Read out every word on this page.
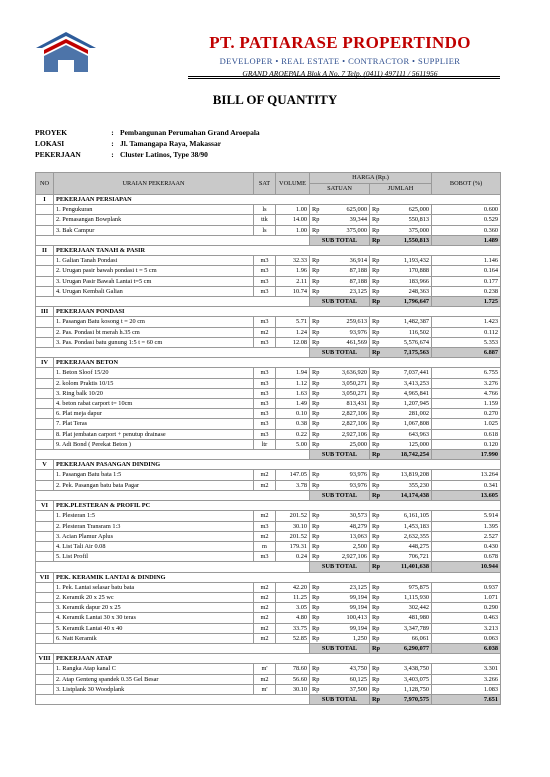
PT. PATIARASE PROPERTINDO
DEVELOPER • REAL ESTATE • CONTRACTOR • SUPPLIER
GRAND AROEPALA Blok A No. 7 Telp. (0411) 497111 / 5611956
BILL OF QUANTITY
PROYEK	: Pembangunan Perumahan Grand Aroepala
LOKASI	: Jl. Tamangapa Raya, Makassar
PEKERJAAN	: Cluster Latinos, Type 38/90
NO	URAIAN PEKERJAAN	SAT	VOLUME	HARGA (Rp.)				BOBOT (%)
				SATUAN		JUMLAH		
I	PEKERJAAN PERSIAPAN							
	1. Pengukuran	ls	1.00	Rp	625,000	Rp	625,000	0.600
	2. Pemasangan Bowplank	ttk	14.00	Rp	39,344	Rp	550,813	0.529
	3. Bak Campur	ls	1.00	Rp	375,000	Rp	375,000	0.360
				SUB TOTAL		Rp	1,550,813	1.489
II	PEKERJAAN TANAH & PASIR							
	1. Galian Tanah Pondasi	m3	32.33	Rp	36,914	Rp	1,193,432	1.146
	2. Urugan pasir bawah pondasi t = 5 cm	m3	1.96	Rp	87,188	Rp	170,888	0.164
	3. Urugan Pasir Bawah Lantai t=5 cm	m3	2.11	Rp	87,188	Rp	183,966	0.177
	4. Urugan Kembali Galian	m3	10.74	Rp	23,125	Rp	248,363	0.238
				SUB TOTAL		Rp	1,796,647	1.725
III	PEKERJAAN PONDASI							
	1. Pasangan Batu kosong t = 20 cm	m3	5.71	Rp	259,613	Rp	1,482,387	1.423
	2. Pas. Pondasi bt merah h.35 cm	m2	1.24	Rp	93,976	Rp	116,502	0.112
	3. Pas. Pondasi batu gunung 1:5 t = 60 cm	m3	12.08	Rp	461,569	Rp	5,576,674	5.353
				SUB TOTAL		Rp	7,175,563	6.887
IV	PEKERJAAN BETON							
	1. Beton Sloof 15/20	m3	1.94	Rp	3,636,920	Rp	7,037,441	6.755
	2. kolom Praktis 10/15	m3	1.12	Rp	3,050,271	Rp	3,413,253	3.276
	3. Ring balk 10/20	m3	1.63	Rp	3,050,271	Rp	4,965,841	4.766
	4. beton rabat carport t= 10cm	m3	1.49	Rp	813,431	Rp	1,207,945	1.159
	6. Plat meja dapur	m3	0.10	Rp	2,827,106	Rp	281,002	0.270
	7. Plat Teras	m3	0.38	Rp	2,827,106	Rp	1,067,808	1.025
	8. Plat jembatan carport + penutup drainase	m3	0.22	Rp	2,927,106	Rp	643,963	0.618
	9. Adi Bond ( Perekat Beton )	ltr	5.00	Rp	25,000	Rp	125,000	0.120
				SUB TOTAL		Rp	18,742,254	17.990
V	PEKERJAAN PASANGAN DINDING							
	1. Pasangan Batu bata 1:5	m2	147.05	Rp	93,976	Rp	13,819,208	13.264
	2. Pek. Pasangan batu bata Pagar	m2	3.78	Rp	93,976	Rp	355,230	0.341
				SUB TOTAL		Rp	14,174,438	13.605
VI	PEK.PLESTERAN & PROFIL PC							
	1. Plesteran 1:5	m2	201.52	Rp	30,573	Rp	6,161,105	5.914
	2. Plesteran Transram 1:3	m3	30.10	Rp	48,279	Rp	1,453,183	1.395
	3. Acian Plamur Aplus	m2	201.52	Rp	13,063	Rp	2,632,355	2.527
	4. List Tali Air 0.08	m	179.31	Rp	2,500	Rp	448,275	0.430
	5. List Profil	m3	0.24	Rp	2,927,106	Rp	706,721	0.678
				SUB TOTAL		Rp	11,401,638	10.944
VII	PEK. KERAMIK LANTAI & DINDING							
	1. Pek. Lantai selasar batu bata	m2	42.20	Rp	23,125	Rp	975,875	0.937
	2. Keramik 20 x 25 wc	m2	11.25	Rp	99,194	Rp	1,115,930	1.071
	3. Keramik dapur 20 x 25	m2	3.05	Rp	99,194	Rp	302,442	0.290
	4. Keramik Lantai 30 x 30 teras	m2	4.80	Rp	100,413	Rp	481,980	0.463
	5. Keramik Lantai 40 x 40	m2	33.75	Rp	99,194	Rp	3,347,789	3.213
	6. Natt Keramik	m2	52.85	Rp	1,250	Rp	66,061	0.063
				SUB TOTAL		Rp	6,290,077	6.038
VIII	PEKERJAAN ATAP							
	1. Rangka Atap kanal C	m'	78.60	Rp	43,750	Rp	3,438,750	3.301
	2. Atap Genteng spandek 0.35 Gel Besar	m2	56.60	Rp	60,125	Rp	3,403,075	3.266
	3. Listplank 30 Woodplank	m'	30.10	Rp	37,500	Rp	1,128,750	1.083
				SUB TOTAL		Rp	7,970,575	7.651
